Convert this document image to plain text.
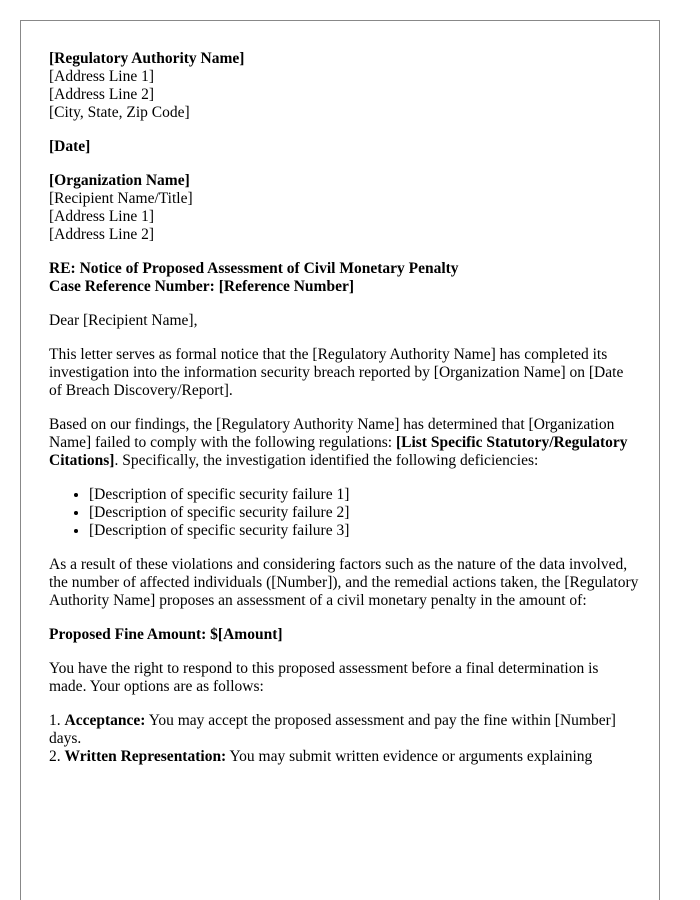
[Regulatory Authority Name]
[Address Line 1]
[Address Line 2]
[City, State, Zip Code]
[Date]
[Organization Name]
[Recipient Name/Title]
[Address Line 1]
[Address Line 2]
RE: Notice of Proposed Assessment of Civil Monetary Penalty
Case Reference Number: [Reference Number]

Dear [Recipient Name],

This letter serves as formal notice that the [Regulatory Authority Name] has completed its investigation into the information security breach reported by [Organization Name] on [Date of Breach Discovery/Report].

Based on our findings, the [Regulatory Authority Name] has determined that [Organization Name] failed to comply with the following regulations: [List Specific Statutory/Regulatory Citations]. Specifically, the investigation identified the following deficiencies:

• [Description of specific security failure 1]
• [Description of specific security failure 2]
• [Description of specific security failure 3]

As a result of these violations and considering factors such as the nature of the data involved, the number of affected individuals ([Number]), and the remedial actions taken, the [Regulatory Authority Name] proposes an assessment of a civil monetary penalty in the amount of:

Proposed Fine Amount: $[Amount]

You have the right to respond to this proposed assessment before a final determination is made. Your options are as follows:

1. Acceptance: You may accept the proposed assessment and pay the fine within [Number] days.
2. Written Representation: You may submit written evidence or arguments explaining
